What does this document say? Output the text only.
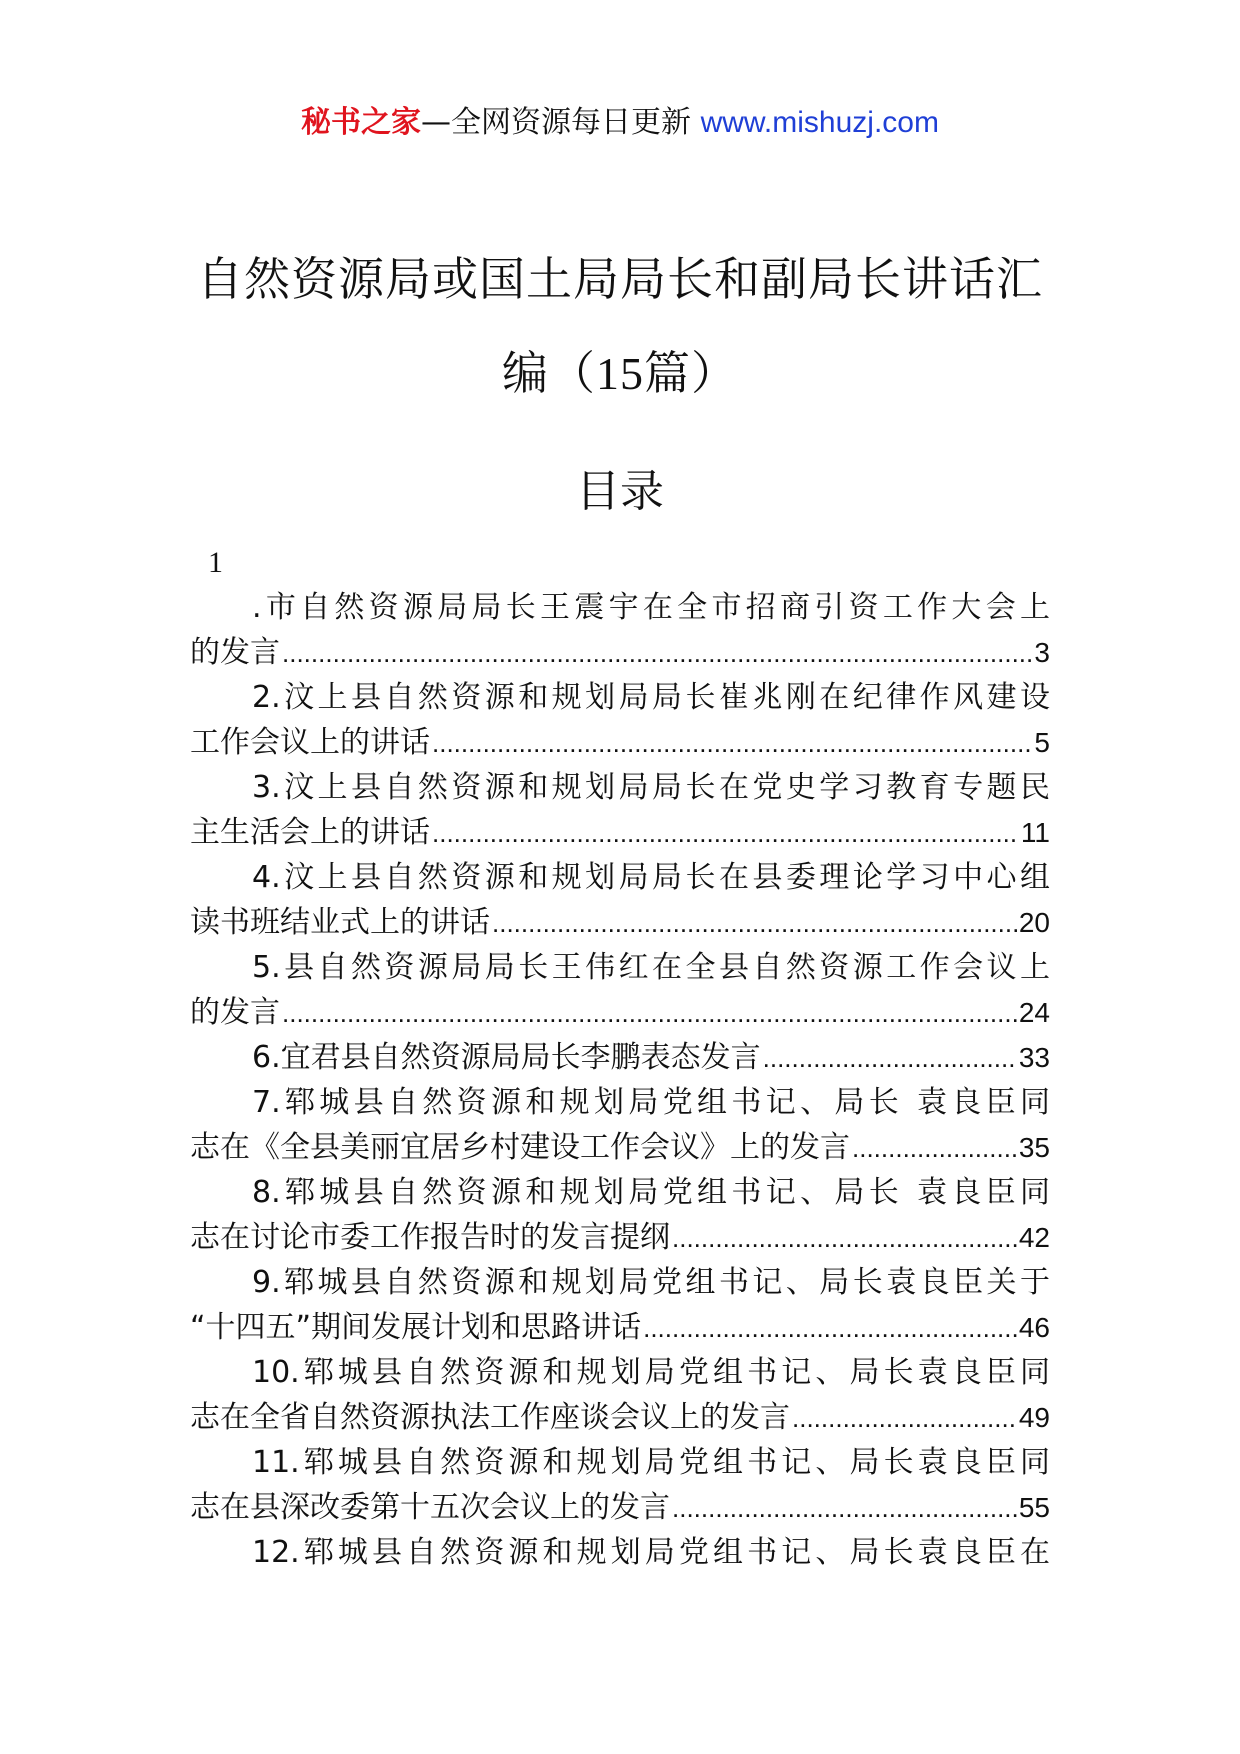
秘书之家—全网资源每日更新 www.mishuzj.com
自然资源局或国土局局长和副局长讲话汇
编（15篇）
目录
1
.市自然资源局局长王震宇在全市招商引资工作大会上
的发言 .....	3
2.汶上县自然资源和规划局局长崔兆刚在纪律作风建设
工作会议上的讲话 .....	5
3.汶上县自然资源和规划局局长在党史学习教育专题民
主生活会上的讲话 .....	11
4.汶上县自然资源和规划局局长在县委理论学习中心组
读书班结业式上的讲话 .....	20
5.县自然资源局局长王伟红在全县自然资源工作会议上
的发言 .....	24
6.宜君县自然资源局局长李鹏表态发言 .....	33
7.郓城县自然资源和规划局党组书记、局长 袁良臣同
志在《全县美丽宜居乡村建设工作会议》上的发言 .....	35
8.郓城县自然资源和规划局党组书记、局长 袁良臣同
志在讨论市委工作报告时的发言提纲 .....	42
9.郓城县自然资源和规划局党组书记、局长袁良臣关于
“十四五”期间发展计划和思路讲话 .....	46
10.郓城县自然资源和规划局党组书记、局长袁良臣同
志在全省自然资源执法工作座谈会议上的发言 .....	49
11.郓城县自然资源和规划局党组书记、局长袁良臣同
志在县深改委第十五次会议上的发言 .....	55
12.郓城县自然资源和规划局党组书记、局长袁良臣在
